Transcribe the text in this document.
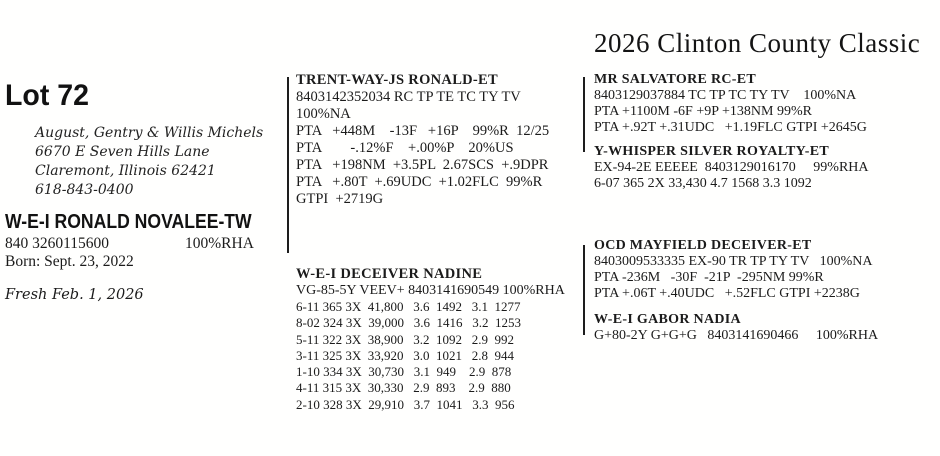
2026 Clinton County Classic
Lot 72
August, Gentry & Willis Michels
6670 E Seven Hills Lane
Claremont, Illinois 62421
618-843-0400
W-E-I RONALD NOVALEE-TW
840 3260115600	100%RHA
Born: Sept. 23, 2022
Fresh Feb. 1, 2026
TRENT-WAY-JS RONALD-ET
8403142352034 RC TP TE TC TY TV
100%NA
PTA   +448M    -13F   +16P    99%R  12/25
PTA        -.12%F    +.00%P    20%US
PTA   +198NM  +3.5PL  2.67SCS  +.9DPR
PTA   +.80T  +.69UDC  +1.02FLC  99%R
GTPI  +2719G
W-E-I DECEIVER NADINE
VG-85-5Y VEEV+ 8403141690549 100%RHA
6-11 365 3X  41,800   3.6  1492   3.1  1277
8-02 324 3X  39,000   3.6  1416   3.2  1253
5-11 322 3X  38,900   3.2  1092   2.9  992
3-11 325 3X  33,920   3.0  1021   2.8  944
1-10 334 3X  30,730   3.1  949    2.9  878
4-11 315 3X  30,330   2.9  893    2.9  880
2-10 328 3X  29,910   3.7  1041   3.3  956
MR SALVATORE RC-ET
8403129037884 TC TP TC TY TV    100%NA
PTA +1100M -6F +9P +138NM 99%R
PTA +.92T +.31UDC   +1.19FLC GTPI +2645G
Y-WHISPER SILVER ROYALTY-ET
EX-94-2E EEEEE  8403129016170     99%RHA
6-07 365 2X 33,430 4.7 1568 3.3 1092
OCD MAYFIELD DECEIVER-ET
8403009533335 EX-90 TR TP TY TV   100%NA
PTA -236M   -30F  -21P  -295NM 99%R
PTA +.06T +.40UDC   +.52FLC GTPI +2238G
W-E-I GABOR NADIA
G+80-2Y G+G+G   8403141690466     100%RHA
